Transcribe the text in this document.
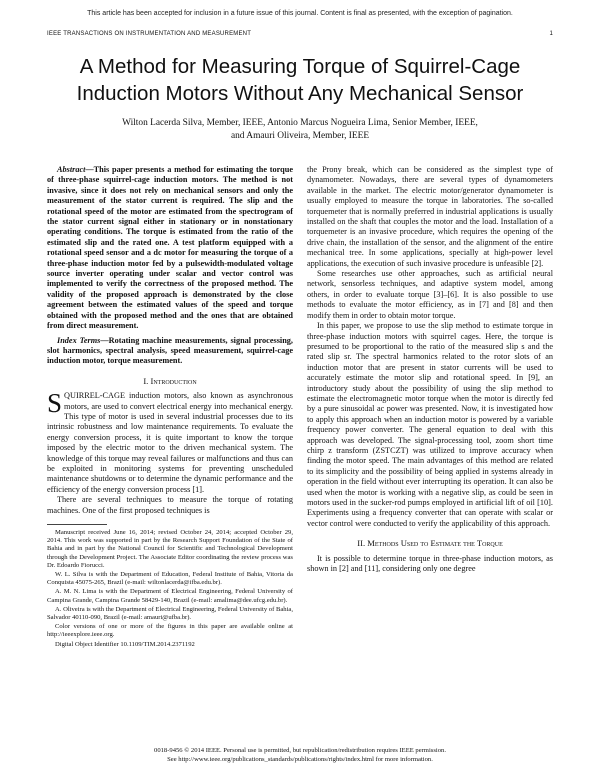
This article has been accepted for inclusion in a future issue of this journal. Content is final as presented, with the exception of pagination.
IEEE TRANSACTIONS ON INSTRUMENTATION AND MEASUREMENT	1
A Method for Measuring Torque of Squirrel-Cage
Induction Motors Without Any Mechanical Sensor
Wilton Lacerda Silva, Member, IEEE, Antonio Marcus Nogueira Lima, Senior Member, IEEE,
and Amauri Oliveira, Member, IEEE

Abstract—This paper presents a method for estimating the torque of three-phase squirrel-cage induction motors. The method is not invasive, since it does not rely on mechanical sensors and only the measurement of the stator current is required. The slip and the rotational speed of the motor are estimated from the spectrogram of the stator current signal either in stationary or in nonstationary operating conditions. The torque is estimated from the ratio of the estimated slip and the rated one. A test platform equipped with a rotational speed sensor and a dc motor for measuring the torque of a three-phase induction motor fed by a pulsewidth-modulated voltage source inverter operating under scalar and vector control was implemented to verify the correctness of the proposed method. The validity of the proposed approach is demonstrated by the close agreement between the estimated values of the speed and torque obtained with the proposed method and the ones that are obtained from direct measurement.

Index Terms—Rotating machine measurements, signal processing, slot harmonics, spectral analysis, speed measurement, squirrel-cage induction motor, torque measurement.

I. Introduction

SQUIRREL-CAGE induction motors, also known as asynchronous motors, are used to convert electrical energy into mechanical energy. This type of motor is used in several industrial processes due to its intrinsic robustness and low maintenance requirements. To evaluate the energy conversion process, it is quite important to know the torque imposed by the electric motor to the driven mechanical system. The knowledge of this torque may reveal failures or malfunctions and thus can be exploited in monitoring systems for preventing unscheduled maintenance shutdowns or to determine the dynamic performance and the efficiency of the energy conversion process [1].

There are several techniques to measure the torque of rotating machines. One of the first proposed techniques is

Manuscript received June 16, 2014; revised October 24, 2014; accepted October 29, 2014. This work was supported in part by the Research Support Foundation of the State of Bahia and in part by the National Council for Scientific and Technological Development through the Development Project. The Associate Editor coordinating the review process was Dr. Edoardo Fiorucci.

W. L. Silva is with the Department of Education, Federal Institute of Bahia, Vitoria da Conquista 45075-265, Brazil (e-mail: wiltonlacerda@ifba.edu.br).

A. M. N. Lima is with the Department of Electrical Engineering, Federal University of Campina Grande, Campina Grande 58429-140, Brazil (e-mail: amalima@dee.ufcg.edu.br).

A. Oliveira is with the Department of Electrical Engineering, Federal University of Bahia, Salvador 40110-090, Brazil (e-mail: amauri@ufba.br).

Color versions of one or more of the figures in this paper are available online at http://ieeexplore.ieee.org.

Digital Object Identifier 10.1109/TIM.2014.2371192

the Prony break, which can be considered as the simplest type of dynamometer. Nowadays, there are several types of dynamometers available in the market. The electric motor/generator dynamometer is usually employed to measure the torque in laboratories. The so-called torquemeter that is normally preferred in industrial applications is usually installed on the shaft that couples the motor and the load. Installation of a torquemeter is an invasive procedure, which requires the opening of the drive chain, the installation of the sensor, and the alignment of the entire mechanical tree. In some applications, specially at high-power level applications, the execution of such invasive procedure is unfeasible [2].

Some researches use other approaches, such as artificial neural network, sensorless techniques, and adaptive system model, among others, in order to evaluate torque [3]–[6]. It is also possible to use methods to evaluate the motor efficiency, as in [7] and [8] and then modify them in order to obtain motor torque.

In this paper, we propose to use the slip method to estimate torque in three-phase induction motors with squirrel cages. Here, the torque is presumed to be proportional to the ratio of the measured slip s and the rated slip sr. The spectral harmonics related to the rotor slots of an induction motor that are present in stator currents will be used to accurately estimate the motor slip and rotational speed. In [9], an introductory study about the possibility of using the slip method to estimate the electromagnetic motor torque when the motor is directly fed by a pure sinusoidal ac power was presented. Now, it is investigated how to apply this approach when an induction motor is powered by a variable frequency power converter. The general equation to deal with this approach was developed. The signal-processing tool, zoom short time chirp z transform (ZSTCZT) was utilized to improve accuracy when finding the motor speed. The main advantages of this method are related to its simplicity and the possibility of being applied in systems already in operation in the field without ever interrupting its operation. It can also be used when the motor is working with a negative slip, as could be seen in motors used in the sucker-rod pumps employed in artificial lift of oil [10]. Experiments using a frequency converter that can operate with scalar or vector control were conducted to verify the applicability of this approach.

II. Methods Used to Estimate the Torque

It is possible to determine torque in three-phase induction motors, as shown in [2] and [11], considering only one degree

0018-9456 © 2014 IEEE. Personal use is permitted, but republication/redistribution requires IEEE permission.
See http://www.ieee.org/publications_standards/publications/rights/index.html for more information.
